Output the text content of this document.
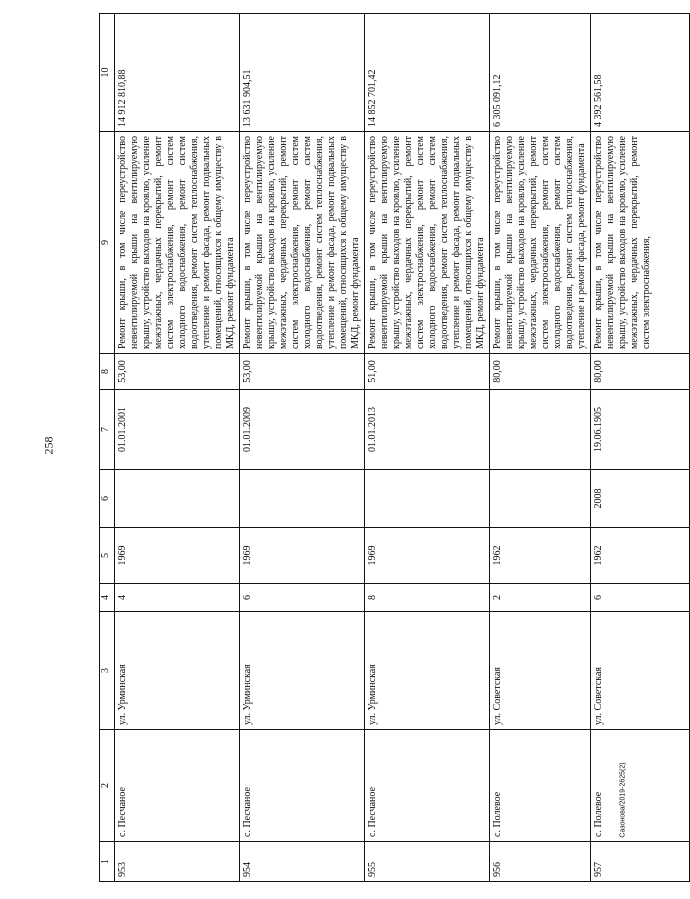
258
1	2	3	4	5	6	7	8	9	10
953	с. Песчаное	ул. Урминская	4	1969		01.01.2001	53,00	Ремонт крыши, в том числе переустройство невентилируемой крыши на вентилируемую крышу, устройство выходов на кровлю, усиление межэтажных, чердачных перекрытий, ремонт систем электроснабжения, ремонт систем холодного водоснабжения, ремонт систем водоотведения, ремонт систем теплоснабжения, утепление и ремонт фасада, ремонт подвальных помещений, относящихся к общему имуществу в МКД, ремонт фундамента	14 912 810,88
954	с. Песчаное	ул. Урминская	6	1969		01.01.2009	53,00	Ремонт крыши, в том числе переустройство невентилируемой крыши на вентилируемую крышу, устройство выходов на кровлю, усиление межэтажных, чердачных перекрытий, ремонт систем электроснабжения, ремонт систем холодного водоснабжения, ремонт систем водоотведения, ремонт систем теплоснабжения, утепление и ремонт фасада, ремонт подвальных помещений, относящихся к общему имуществу в МКД, ремонт фундамента	13 631 904,51
955	с. Песчаное	ул. Урминская	8	1969		01.01.2013	51,00	Ремонт крыши, в том числе переустройство невентилируемой крыши на вентилируемую крышу, устройство выходов на кровлю, усиление межэтажных, чердачных перекрытий, ремонт систем электроснабжения, ремонт систем холодного водоснабжения, ремонт систем водоотведения, ремонт систем теплоснабжения, утепление и ремонт фасада, ремонт подвальных помещений, относящихся к общему имуществу в МКД, ремонт фундамента	14 852 701,42
956	с. Полевое	ул. Советская	2	1962			80,00	Ремонт крыши, в том числе переустройство невентилируемой крыши на вентилируемую крышу, устройство выходов на кровлю, усиление межэтажных, чердачных перекрытий, ремонт систем электроснабжения, ремонт систем холодного водоснабжения, ремонт систем водоотведения, ремонт систем теплоснабжения, утепление и ремонт фасада, ремонт фундамента	6 305 091,12
957	с. Полевое	ул. Советская	6	1962	2008	19.06.1905	80,00	Ремонт крыши, в том числе переустройство невентилируемой крыши на вентилируемую крышу, устройство выходов на кровлю, усиление межэтажных, чердачных перекрытий, ремонт систем электроснабжения,	4 392 561,58
Сазонова/2019-2625(2)
